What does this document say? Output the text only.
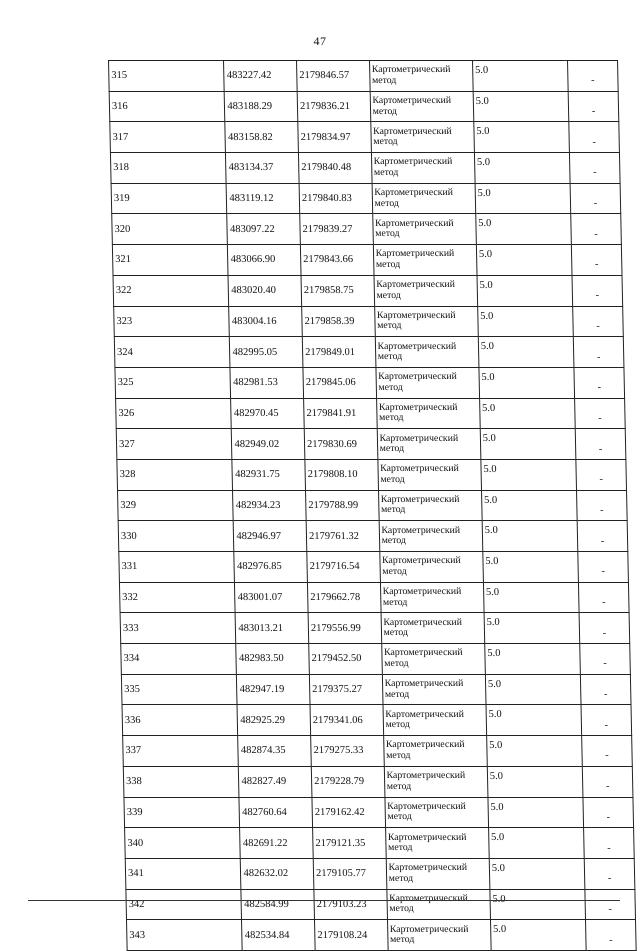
47
315	483227.42	2179846.57	Картометрический метод	5.0	-
316	483188.29	2179836.21	Картометрический метод	5.0	-
317	483158.82	2179834.97	Картометрический метод	5.0	-
318	483134.37	2179840.48	Картометрический метод	5.0	-
319	483119.12	2179840.83	Картометрический метод	5.0	-
320	483097.22	2179839.27	Картометрический метод	5.0	-
321	483066.90	2179843.66	Картометрический метод	5.0	-
322	483020.40	2179858.75	Картометрический метод	5.0	-
323	483004.16	2179858.39	Картометрический метод	5.0	-
324	482995.05	2179849.01	Картометрический метод	5.0	-
325	482981.53	2179845.06	Картометрический метод	5.0	-
326	482970.45	2179841.91	Картометрический метод	5.0	-
327	482949.02	2179830.69	Картометрический метод	5.0	-
328	482931.75	2179808.10	Картометрический метод	5.0	-
329	482934.23	2179788.99	Картометрический метод	5.0	-
330	482946.97	2179761.32	Картометрический метод	5.0	-
331	482976.85	2179716.54	Картометрический метод	5.0	-
332	483001.07	2179662.78	Картометрический метод	5.0	-
333	483013.21	2179556.99	Картометрический метод	5.0	-
334	482983.50	2179452.50	Картометрический метод	5.0	-
335	482947.19	2179375.27	Картометрический метод	5.0	-
336	482925.29	2179341.06	Картометрический метод	5.0	-
337	482874.35	2179275.33	Картометрический метод	5.0	-
338	482827.49	2179228.79	Картометрический метод	5.0	-
339	482760.64	2179162.42	Картометрический метод	5.0	-
340	482691.22	2179121.35	Картометрический метод	5.0	-
341	482632.02	2179105.77	Картометрический метод	5.0	-
342	482584.99	2179103.23	Картометрический метод	5.0	-
343	482534.84	2179108.24	Картометрический метод	5.0	-
